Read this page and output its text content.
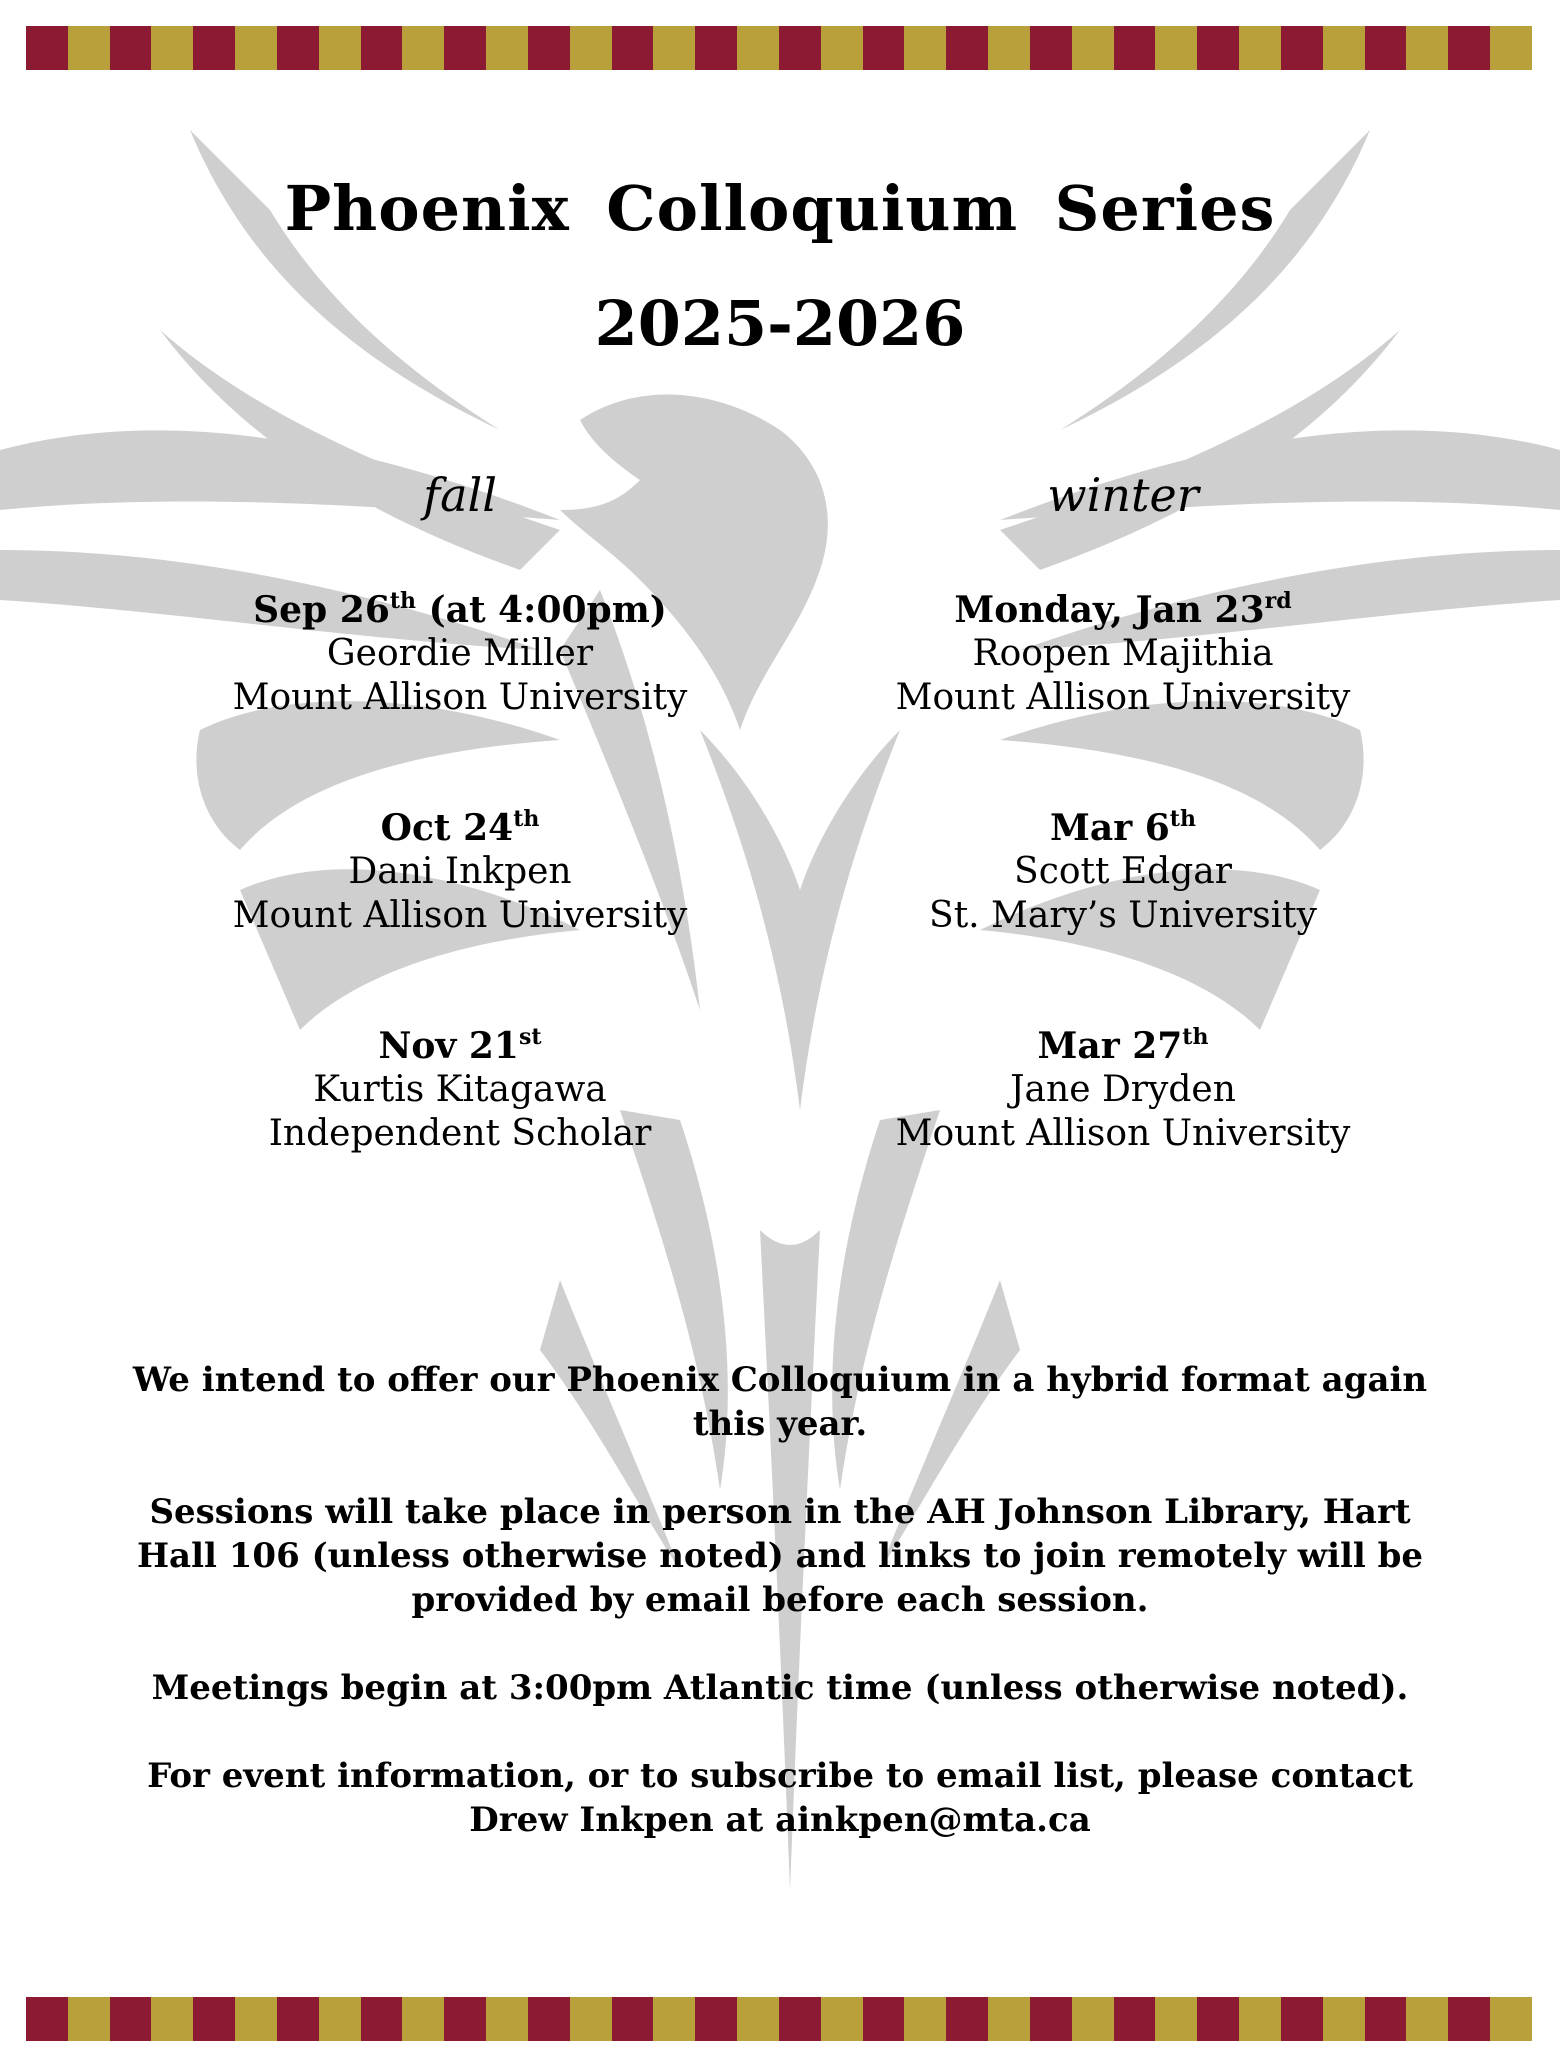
Phoenix Colloquium Series
2025-2026
fall	winter
Sep 26th (at 4:00pm)
Geordie Miller
Mount Allison University
Oct 24th
Dani Inkpen
Mount Allison University
Nov 21st
Kurtis Kitagawa
Independent Scholar
Monday, Jan 23rd
Roopen Majithia
Mount Allison University
Mar 6th
Scott Edgar
St. Mary’s University
Mar 27th
Jane Dryden
Mount Allison University

We intend to offer our Phoenix Colloquium in a hybrid format again this year.

Sessions will take place in person in the AH Johnson Library, Hart Hall 106 (unless otherwise noted) and links to join remotely will be provided by email before each session.

Meetings begin at 3:00pm Atlantic time (unless otherwise noted).

For event information, or to subscribe to email list, please contact Drew Inkpen at ainkpen@mta.ca
